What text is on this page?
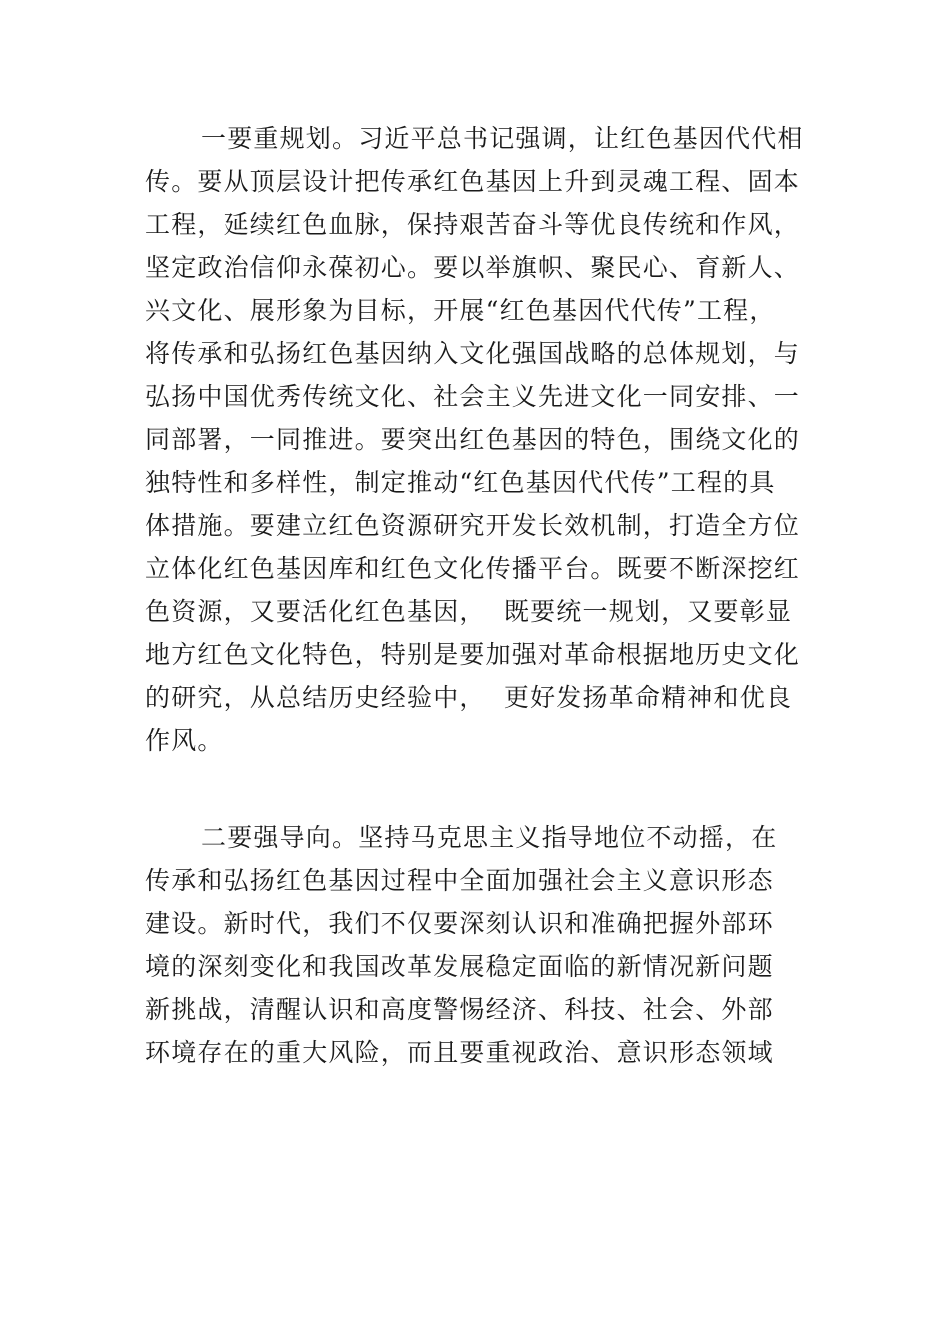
一要重规划。习近平总书记强调，让红色基因代代相
传。要从顶层设计把传承红色基因上升到灵魂工程、固本
工程，延续红色血脉，保持艰苦奋斗等优良传统和作风，
坚定政治信仰永葆初心。要以举旗帜、聚民心、育新人、
兴文化、展形象为目标，开展“红色基因代代传”工程，
将传承和弘扬红色基因纳入文化强国战略的总体规划，与
弘扬中国优秀传统文化、社会主义先进文化一同安排、一
同部署，一同推进。要突出红色基因的特色，围绕文化的
独特性和多样性，制定推动“红色基因代代传”工程的具
体措施。要建立红色资源研究开发长效机制，打造全方位
立体化红色基因库和红色文化传播平台。既要不断深挖红
色资源，又要活化红色基因，  既要统一规划，又要彰显
地方红色文化特色，特别是要加强对革命根据地历史文化
的研究，从总结历史经验中，  更好发扬革命精神和优良
作风。
二要强导向。坚持马克思主义指导地位不动摇，在
传承和弘扬红色基因过程中全面加强社会主义意识形态
建设。新时代，我们不仅要深刻认识和准确把握外部环
境的深刻变化和我国改革发展稳定面临的新情况新问题
新挑战，清醒认识和高度警惕经济、科技、社会、外部
环境存在的重大风险，而且要重视政治、意识形态领域
